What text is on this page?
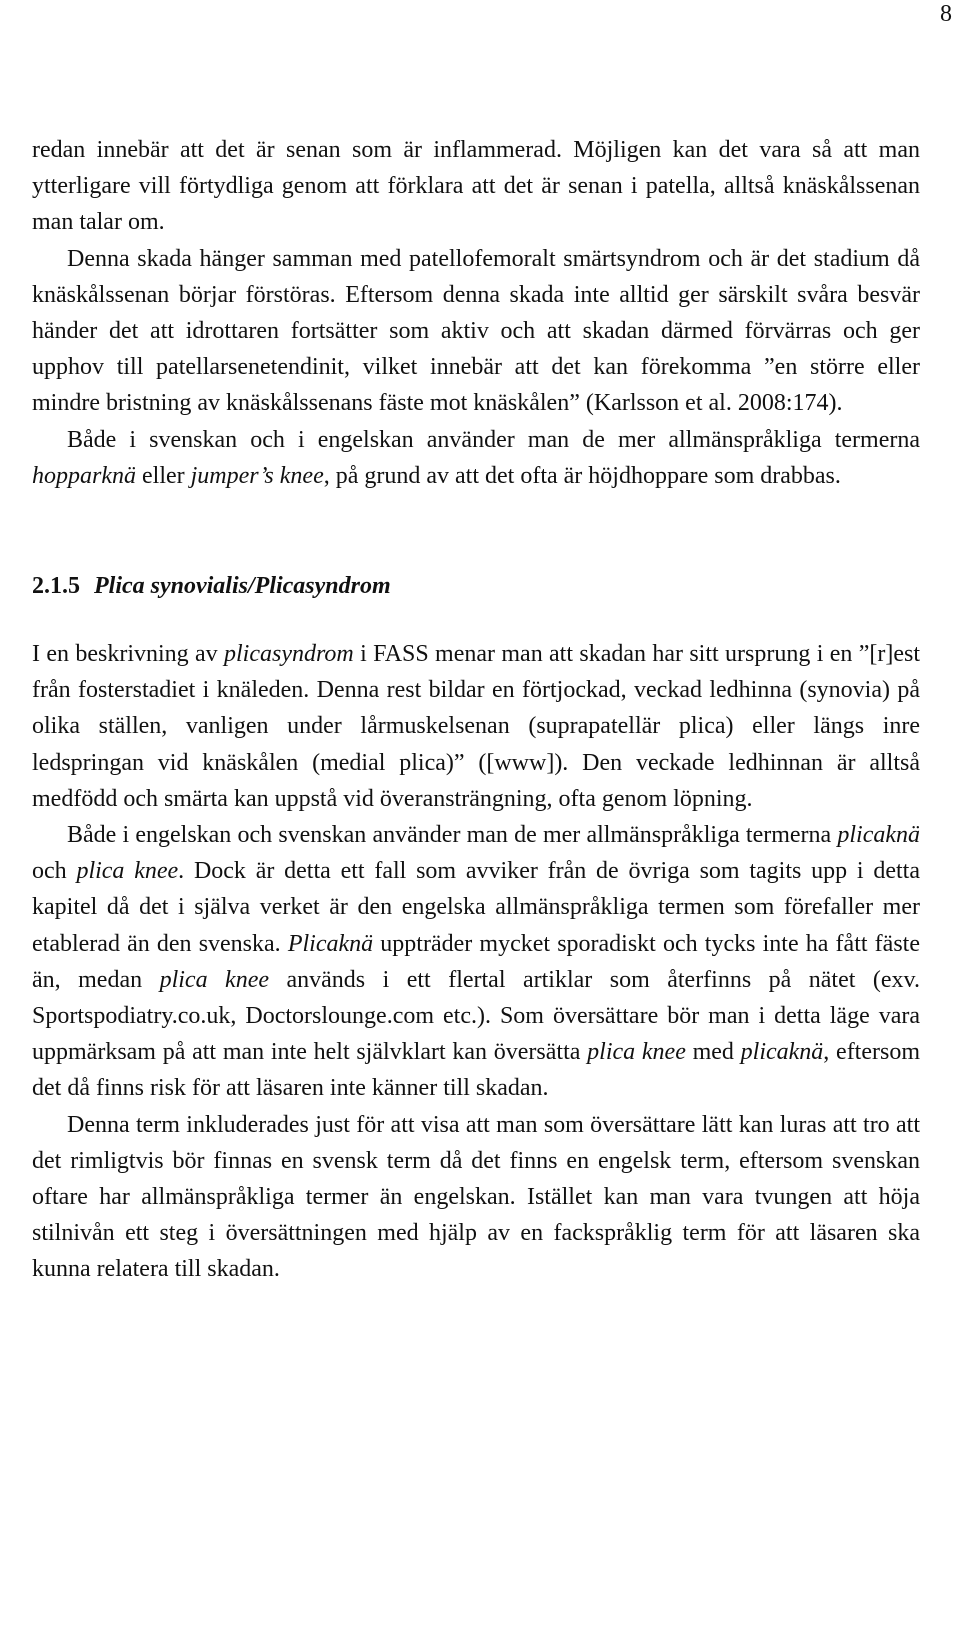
8

redan innebär att det är senan som är inflammerad. Möjligen kan det vara så att man ytterligare vill förtydliga genom att förklara att det är senan i patella, alltså knäskålssenan man talar om.

Denna skada hänger samman med patellofemoralt smärtsyndrom och är det stadium då knäskålssenan börjar förstöras. Eftersom denna skada inte alltid ger särskilt svåra besvär händer det att idrottaren fortsätter som aktiv och att skadan därmed förvärras och ger upphov till patellarsenetendinit, vilket innebär att det kan förekomma ”en större eller mindre bristning av knäskålssenans fäste mot knäskålen” (Karlsson et al. 2008:174).

Både i svenskan och i engelskan använder man de mer allmänspråkliga termerna hopparknä eller jumper’s knee, på grund av att det ofta är höjdhoppare som drabbas.

2.1.5 Plica synovialis/Plicasyndrom

I en beskrivning av plicasyndrom i FASS menar man att skadan har sitt ursprung i en ”[r]est från fosterstadiet i knäleden. Denna rest bildar en förtjockad, veckad ledhinna (synovia) på olika ställen, vanligen under lårmuskelsenan (suprapatellär plica) eller längs inre ledspringan vid knäskålen (medial plica)” ([www]). Den veckade ledhinnan är alltså medfödd och smärta kan uppstå vid överansträngning, ofta genom löpning.

Både i engelskan och svenskan använder man de mer allmänspråkliga termerna plicaknä och plica knee. Dock är detta ett fall som avviker från de övriga som tagits upp i detta kapitel då det i själva verket är den engelska allmänspråkliga termen som förefaller mer etablerad än den svenska. Plicaknä uppträder mycket sporadiskt och tycks inte ha fått fäste än, medan plica knee används i ett flertal artiklar som återfinns på nätet (exv. Sportspodiatry.co.uk, Doctorslounge.com etc.). Som översättare bör man i detta läge vara uppmärksam på att man inte helt självklart kan översätta plica knee med plicaknä, eftersom det då finns risk för att läsaren inte känner till skadan.

Denna term inkluderades just för att visa att man som översättare lätt kan luras att tro att det rimligtvis bör finnas en svensk term då det finns en engelsk term, eftersom svenskan oftare har allmänspråkliga termer än engelskan. Istället kan man vara tvungen att höja stilnivån ett steg i översättningen med hjälp av en fackspråklig term för att läsaren ska kunna relatera till skadan.
